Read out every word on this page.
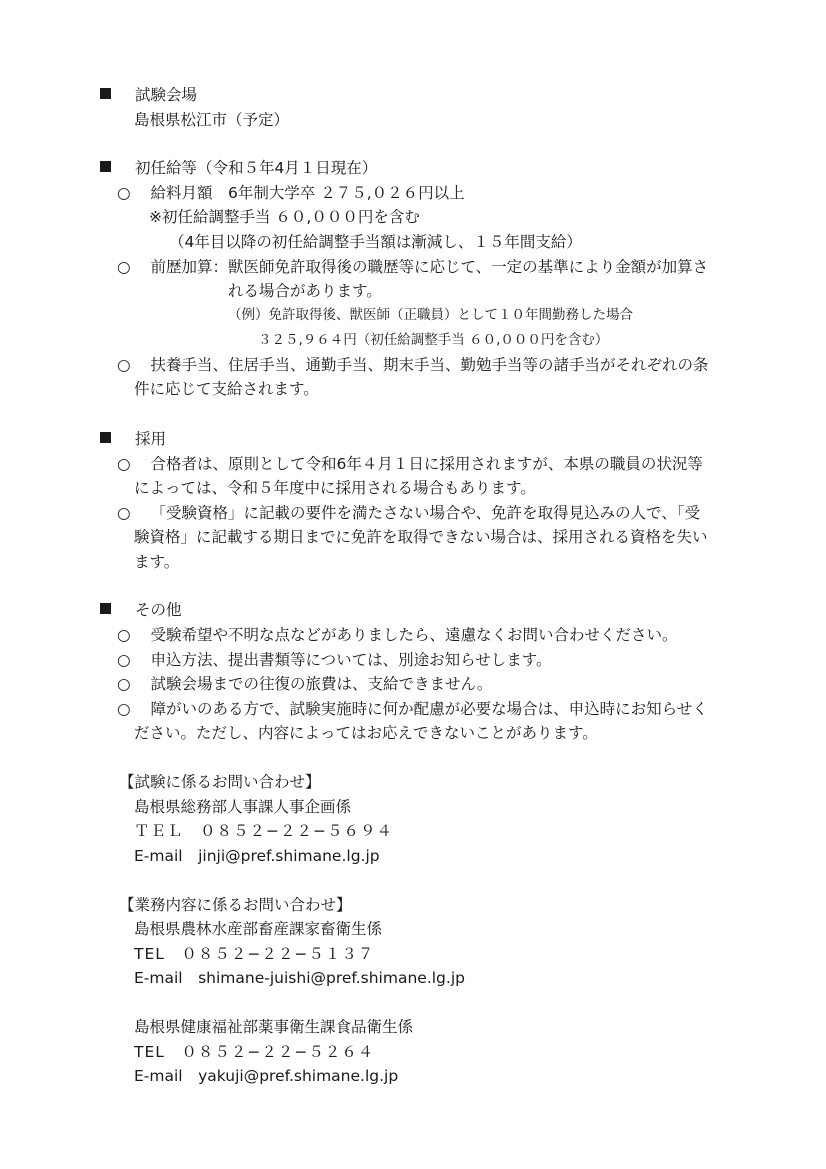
試験会場
島根県松江市（予定）
初任給等（令和５年4月１日現在）
○ 給料月額　6年制大学卒 ２７５,０２６円以上
※初任給調整手当 ６０,０００円を含む
（4年目以降の初任給調整手当額は漸減し、１５年間支給）
○ 前歴加算：獣医師免許取得後の職歴等に応じて、一定の基準により金額が加算さ
れる場合があります。
（例）免許取得後、獣医師（正職員）として１０年間勤務した場合
３２５,９６４円（初任給調整手当 ６０,０００円を含む）
○ 扶養手当、住居手当、通勤手当、期末手当、勤勉手当等の諸手当がそれぞれの条
件に応じて支給されます。
採用
○ 合格者は、原則として令和6年４月１日に採用されますが、本県の職員の状況等
によっては、令和５年度中に採用される場合もあります。
○ 「受験資格」に記載の要件を満たさない場合や、免許を取得見込みの人で、「受
験資格」に記載する期日までに免許を取得できない場合は、採用される資格を失い
ます。
その他
○ 受験希望や不明な点などがありましたら、遠慮なくお問い合わせください。
○ 申込方法、提出書類等については、別途お知らせします。
○ 試験会場までの往復の旅費は、支給できません。
○ 障がいのある方で、試験実施時に何か配慮が必要な場合は、申込時にお知らせく
ださい。ただし、内容によってはお応えできないことがあります。
【試験に係るお問い合わせ】
島根県総務部人事課人事企画係
ＴＥＬ　０８５２−２２−５６９４
E-mail　jinji@pref.shimane.lg.jp
【業務内容に係るお問い合わせ】
島根県農林水産部畜産課家畜衛生係
TEL　０８５２−２２−５１３７
E-mail　shimane-juishi@pref.shimane.lg.jp
島根県健康福祉部薬事衛生課食品衛生係
TEL　０８５２−２２−５２６４
E-mail　yakuji@pref.shimane.lg.jp
